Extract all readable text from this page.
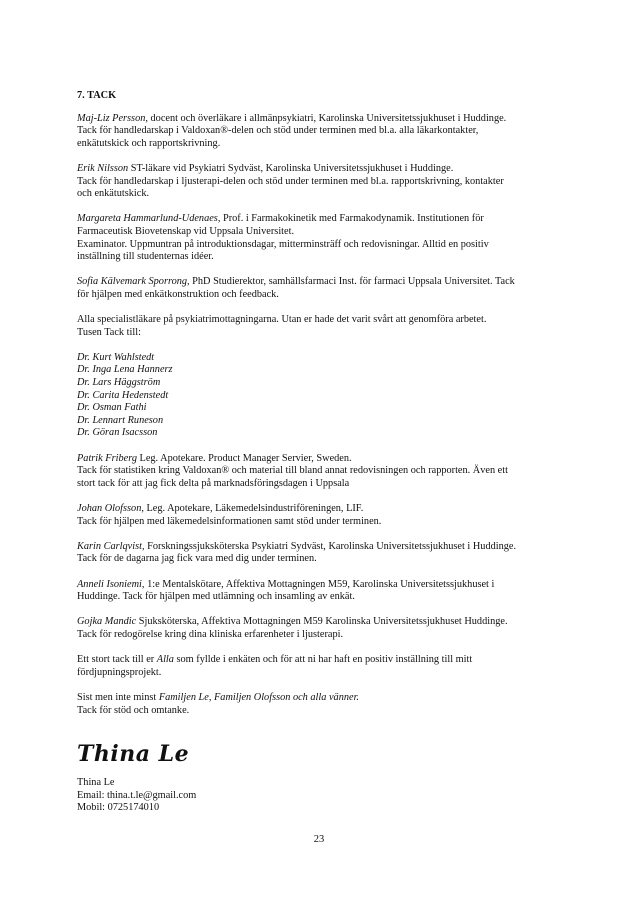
7. TACK
Maj-Liz Persson, docent och överläkare i allmänpsykiatri, Karolinska Universitetssjukhuset i Huddinge.
Tack för handledarskap i Valdoxan®-delen och stöd under terminen med bl.a. alla läkarkontakter,
enkätutskick och rapportskrivning.
Erik Nilsson ST-läkare vid Psykiatri Sydväst, Karolinska Universitetssjukhuset i Huddinge.
Tack för handledarskap i ljusterapi-delen och stöd under terminen med bl.a. rapportskrivning, kontakter
och enkätutskick.
Margareta Hammarlund-Udenaes, Prof. i Farmakokinetik med Farmakodynamik. Institutionen för
Farmaceutisk Biovetenskap vid Uppsala Universitet.
Examinator. Uppmuntran på introduktionsdagar, mitterminsträff och redovisningar. Alltid en positiv
inställning till studenternas idéer.
Sofia Kälvemark Sporrong, PhD Studierektor, samhällsfarmaci Inst. för farmaci Uppsala Universitet. Tack
för hjälpen med enkätkonstruktion och feedback.
Alla specialistläkare på psykiatrimottagningarna. Utan er hade det varit svårt att genomföra arbetet.
Tusen Tack till:
Dr. Kurt Wahlstedt
Dr. Inga Lena Hannerz
Dr. Lars Häggström
Dr. Carita Hedenstedt
Dr. Osman Fathi
Dr. Lennart Runeson
Dr. Göran Isacsson
Patrik Friberg Leg. Apotekare. Product Manager Servier, Sweden.
Tack för statistiken kring Valdoxan® och material till bland annat redovisningen och rapporten. Även ett
stort tack för att jag fick delta på marknadsföringsdagen i Uppsala
Johan Olofsson, Leg. Apotekare, Läkemedelsindustriföreningen, LIF.
Tack för hjälpen med läkemedelsinformationen samt stöd under terminen.
Karin Carlqvist, Forskningssjuksköterska Psykiatri Sydväst, Karolinska Universitetssjukhuset i Huddinge.
Tack för de dagarna jag fick vara med dig under terminen.
Anneli Isoniemi, 1:e Mentalskötare, Affektiva Mottagningen M59, Karolinska Universitetssjukhuset i
Huddinge. Tack för hjälpen med utlämning och insamling av enkät.
Gojka Mandic Sjuksköterska, Affektiva Mottagningen M59 Karolinska Universitetssjukhuset Huddinge.
Tack för redogörelse kring dina kliniska erfarenheter i ljusterapi.
Ett stort tack till er Alla som fyllde i enkäten och för att ni har haft en positiv inställning till mitt
fördjupningsprojekt.
Sist men inte minst Familjen Le, Familjen Olofsson och alla vänner.
Tack för stöd och omtanke.
Thina Le
Thina Le
Email: thina.t.le@gmail.com
Mobil: 0725174010
23
